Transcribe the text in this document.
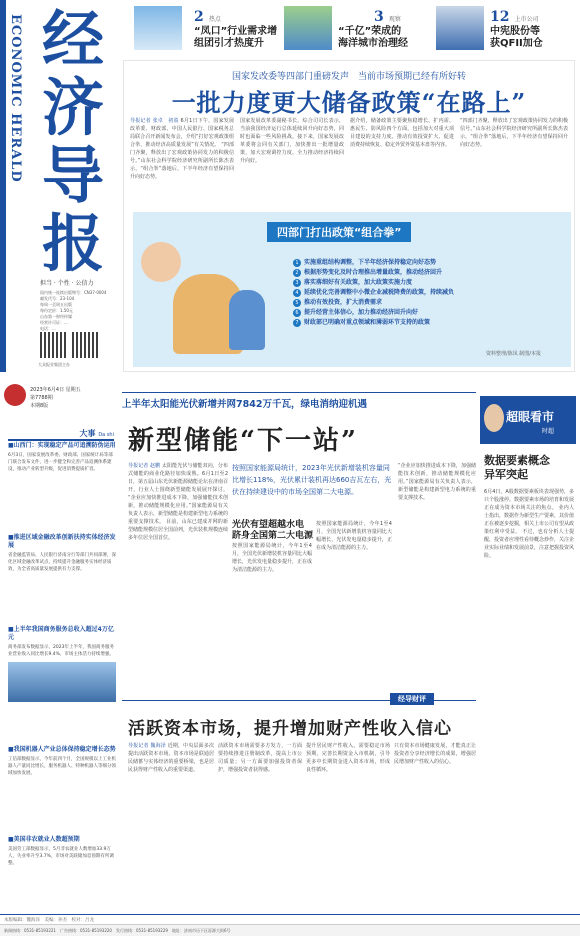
ECONOMIC HERALD 经济导报
担当 · 个性 · 公信力
国内统一连续出版物号：CN37-0004
邮发代号：23-104
每周一至周五出版
每份定价：1.50元
山东第一财经传媒
经营许可证：...
电话：...
大众报业集团主办
2 热点
“凤口”行业需求增
组团引才热度升
3 观察
“千亿”荣成的
海洋城市治理经
12 上市公司
中宪股份等
获QFII加仓
国家发改委等四部门重磅发声　当前市场预期已经有所好转
一批力度更大储备政策“在路上”
导报记者 张卓　初盈 6月1日下午，国家发展改革委、财政部、中国人民银行、国家税务总局联合召开新闻发布会，介绍“打好宏观政策组合拳，推动经济高质量发展”有关情况。 “四部门齐聚，释放出了宏观政策协同发力的积极信号。”山东社会科学院经济研究所副所长陈杰表示，“组合拳”落地后，下半年经济有望保持回升向好态势。
国家发展改革委副秘书长、综合司司长表示，当前我国经济运行总体延续回升向好态势，同时也面临一些风险挑战。接下来，国家发展改革委将会同有关部门，加快推出一批增量政策，加大宏观调控力度，全力推动经济持续回升向好。
据介绍，储备政策主要聚焦稳增长、扩内需、惠民生、防风险四个方面，包括加大对重大项目建设的支持力度、推动有效投资扩大、促进消费持续恢复、稳定外贸外资基本盘等内容。
“四部门齐聚，释放出了宏观政策协同发力的积极信号。”山东社会科学院经济研究所副所长陈杰表示，“组合拳”落地后，下半年经济有望保持回升向好态势。
四部门打出政策“组合拳”
1 实施重组结构调整，下半年经济保持稳定向好态势
2 根据形势变化及时合理推出增量政策，推动经济回升
3 落实落细好有关政策，加大政策实施力度
4 延续优化完善调整中小微企业减税降费的政策，持续减负
5 推动有效投资，扩大消费需求
6 提升经营主体信心，加力推动经济回升向好
7 财政部已明确对重点领域和薄弱环节支持的政策
资料整理/陈凤 制图/本报
2023年6月4日 星期五
第7788期
本期8版
大事 Da shi
■山西门：实现稳定产品可追溯防伪运用
6月3日，国家发展改革委、财政部、国家统计局等部门联合发布文件，进一步健全和完善产品追溯体系建设，推动产业转型升级，促进消费提质扩容。
■推进区域金融改革创新扶持实体经济发展
省金融监管局、人民银行济南分行等部门共同部署，深化区域金融改革试点，持续提升金融服务实体经济质效，为全省高质量发展提供有力支撑。
■上半年我国商务服务总收入超过4万亿元
商务部发布数据显示，2023年上半年，我国商务服务业营业收入同比增长9.4%，市场主体活力持续增强。
■我国机器人产业总体保持稳定增长态势
工信部数据显示，今年前四个月，全国规模以上工业机器人产量同比增长，服务机器人、特种机器人等细分领域加快发展。
■美国非农就业人数超预期
美国劳工部数据显示，5月非农就业人数增加33.9万人，失业率升至3.7%，市场对美联储加息预期有所调整。
上半年太阳能光伏新增并网7842万千瓦，绿电消纳迎机遇
新型储能“下一站”
按照国家能源局统计，2023年光伏新增装机容量同比增长118%，光伏累计装机再达660吉瓦左右，光伏在持续建设中的市场全国第二大电源。
导报记者 赵鹏 太阳能光伏与储能双向，分布式储能的商业化路径加快成熟。6月1日至2日，第五届山东光伏新能源储能论坛在济南召开，行业人士围绕新型储能发展展开探讨。 “企业应加快推进成本下降，加强储能技术创新，推动储能规模化应用。”国家能源局有关负责人表示，新型储能是构建新型电力系统的重要支撑技术。 目前，山东已建成并网的新型储能规模位居全国前列，光伏装机规模连续多年位居全国首位。
光伏有望超越水电
跻身全国第二大电源
按照国家能源局统计，今年1至4月，全国光伏新增装机容量同比大幅增长，光伏发电量稳步提升，正在成为清洁能源的主力。
按照国家能源局统计，今年1至4月，全国光伏新增装机容量同比大幅增长，光伏发电量稳步提升，正在成为清洁能源的主力。
“企业应加快推进成本下降，加强储能技术创新，推动储能规模化应用。”国家能源局有关负责人表示，新型储能是构建新型电力系统的重要支撑技术。
超眼看市
时超
数据要素概念
异军突起
6月4日，A股数据要素板块表现强势，多只个股涨停。数据要素市场的培育和发展正在成为资本市场关注的焦点。 业内人士指出，数据作为新型生产要素，其价值正在被逐步挖掘，相关上市公司有望从政策红利中受益。 不过，也有分析人士提醒，投资者应理性看待概念炒作，关注企业实际业绩和发展前景，注意把握投资风险。
经导财评
活跃资本市场，提升增加财产性收入信心
导报记者 魏海泽 近期，中央层面多次提出活跃资本市场。资本市场是联通居民储蓄与实体经济的重要桥梁，也是居民获得财产性收入的重要渠道。
活跃资本市场需要多方发力，一方面要持续推进注册制改革，提高上市公司质量；另一方面要加强投资者保护，增强投资者获得感。
提升居民财产性收入，需要稳定市场预期，完善长期资金入市机制，引导更多中长期资金进入资本市场，形成良性循环。
只有资本市场健康发展，才能真正让投资者分享经济增长的成果，增强居民增加财产性收入的信心。
本版编辑：魏海泽　美编：孙杰　校对：吕龙
新闻热线：0531-85193221　广告热线：0531-85193220　发行热线：0531-85193229　地址：济南市历下区泺源大街6号
